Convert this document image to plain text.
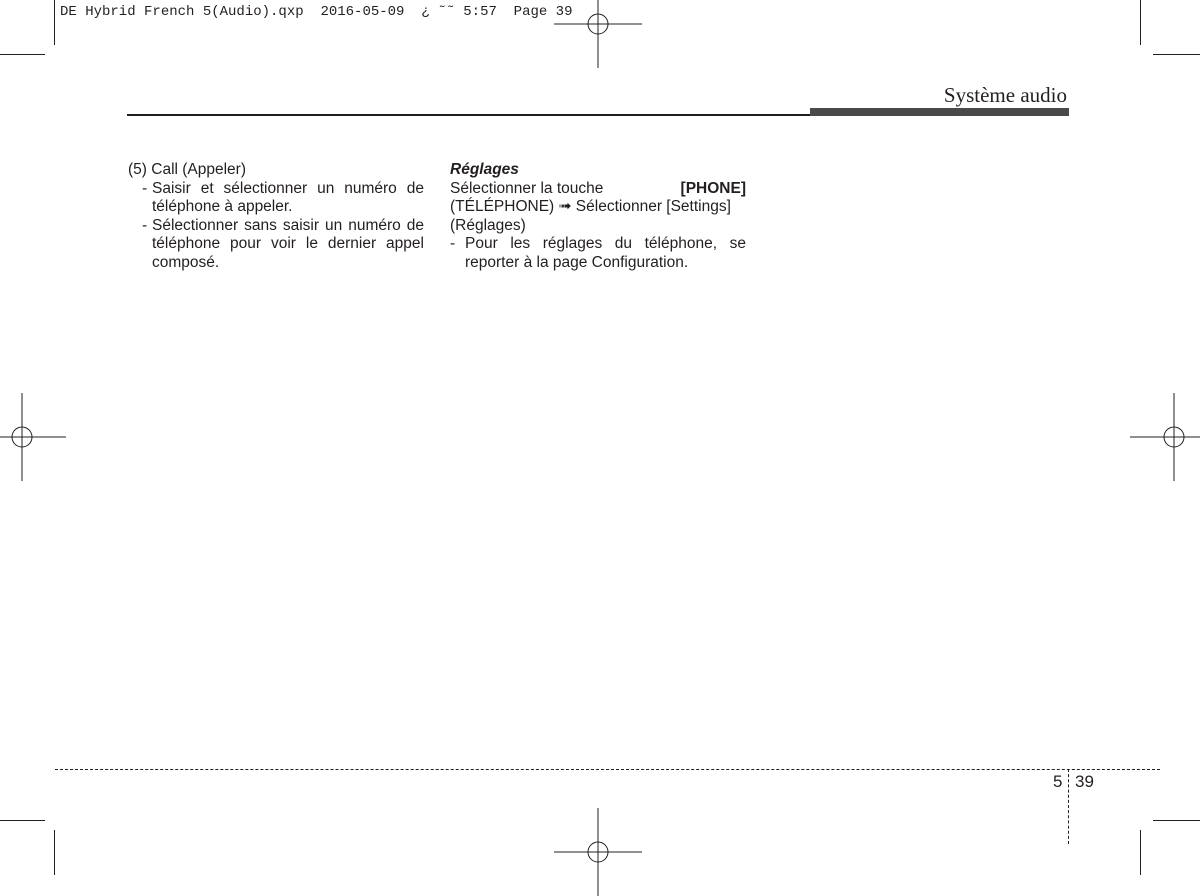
DE Hybrid French 5(Audio).qxp  2016-05-09  ¿ ˜˜ 5:57  Page 39
Système audio
(5) Call (Appeler)
- Saisir et sélectionner un numéro de téléphone à appeler.
- Sélectionner sans saisir un numéro de téléphone pour voir le dernier appel composé.
Réglages
Sélectionner la touche	[PHONE]
(TÉLÉPHONE) ➟ Sélectionner [Settings]
(Réglages)
- Pour les réglages du téléphone, se reporter à la page Configuration.
5 39
